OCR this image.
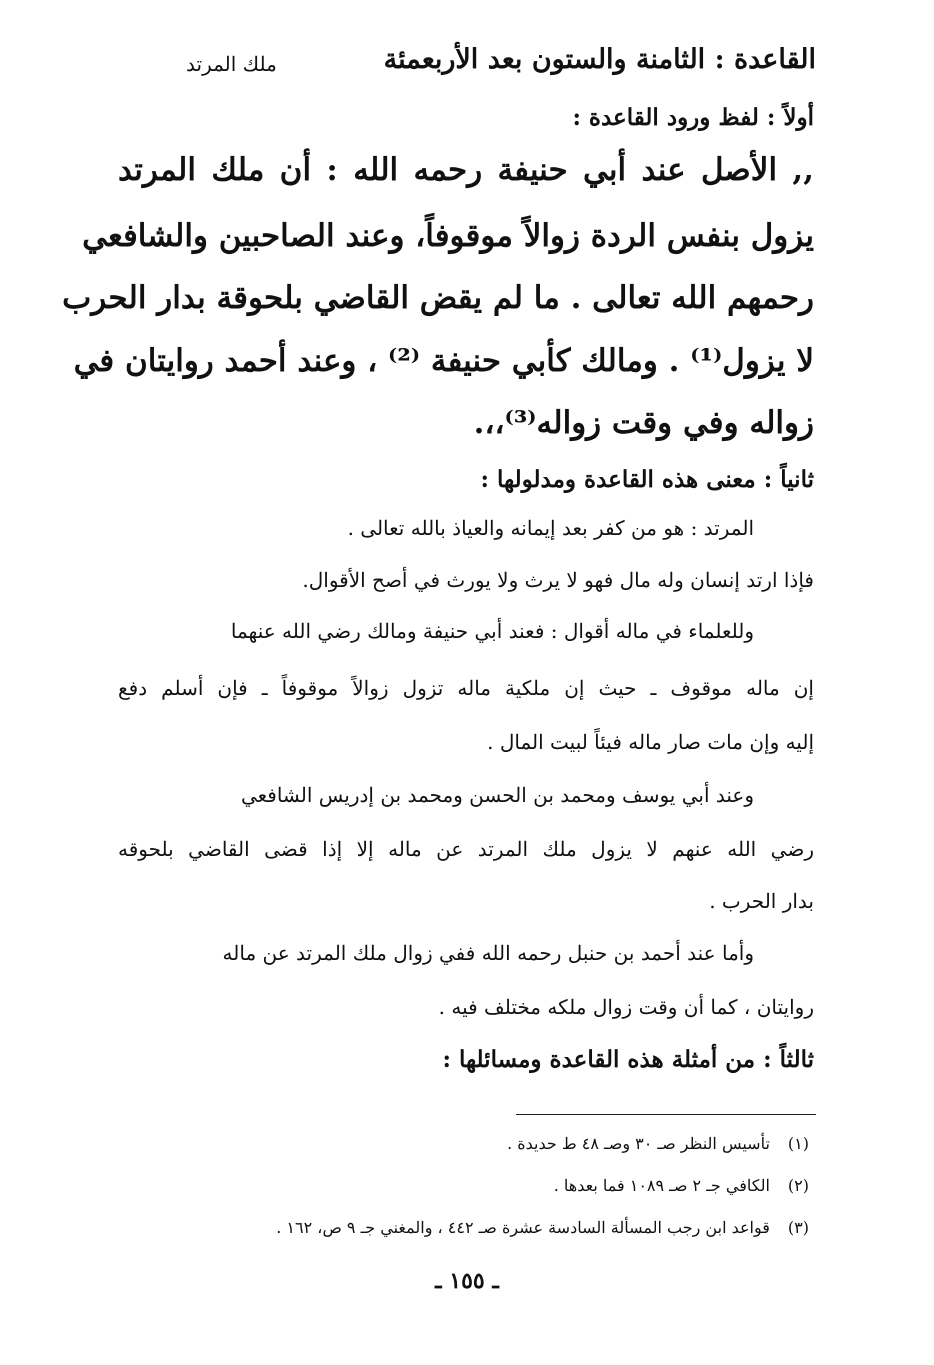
القاعدة : الثامنة والستون بعد الأربعمئة
ملك المرتد
أولاً : لفظ ورود القاعدة :
,, الأصل عند أبي حنيفة رحمه الله : أن ملك المرتد
يزول بنفس الردة زوالاً موقوفاً، وعند الصاحبين والشافعي
رحمهم الله تعالى . ما لم يقض القاضي بلحوقة بدار الحرب
لا يزول⁽¹⁾ . ومالك كأبي حنيفة ⁽²⁾ ، وعند أحمد روايتان في
زواله وفي وقت زواله⁽³⁾،،.
ثانياً : معنى هذه القاعدة ومدلولها :
المرتد : هو من كفر بعد إيمانه والعياذ بالله تعالى .
فإذا ارتد إنسان وله مال فهو لا يرث ولا يورث في أصح الأقوال.
وللعلماء في ماله أقوال : فعند أبي حنيفة ومالك رضي الله عنهما
إن ماله موقوف ـ حيث إن ملكية ماله تزول زوالاً موقوفاً ـ فإن أسلم دفع
إليه وإن مات صار ماله فيئاً لبيت المال .
وعند أبي يوسف ومحمد بن الحسن ومحمد بن إدريس الشافعي
رضي الله عنهم لا يزول ملك المرتد عن ماله إلا إذا قضى القاضي بلحوقه
بدار الحرب .
وأما عند أحمد بن حنبل رحمه الله ففي زوال ملك المرتد عن ماله
روايتان ، كما أن وقت زوال ملكه مختلف فيه .
ثالثاً : من أمثلة هذه القاعدة ومسائلها :
(١)تأسيس النظر صـ ٣٠ وصـ ٤٨ ط حديدة .
(٢)الكافي جـ ٢ صـ ١٠٨٩ فما بعدها .
(٣)قواعد ابن رجب المسألة السادسة عشرة صـ ٤٤٢ ، والمغني جـ ٩ ص، ١٦٢ .
ـ ١٥٥ ـ
